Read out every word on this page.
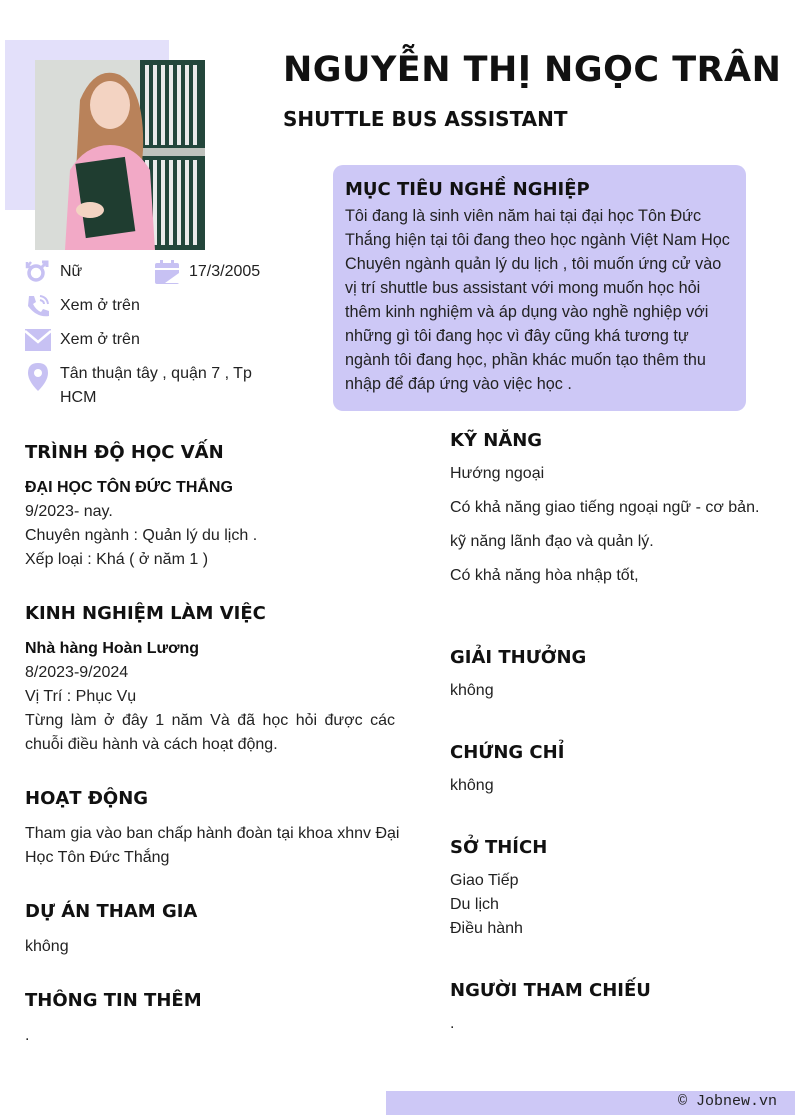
NGUYỄN THỊ NGỌC TRÂN
SHUTTLE BUS ASSISTANT
Nữ	17/3/2005
Xem ở trên
Xem ở trên
Tân thuận tây , quận 7 , Tp HCM
MỤC TIÊU NGHỀ NGHIỆP

Tôi đang là sinh viên năm hai tại đại học Tôn Đức Thắng hiện tại tôi đang theo học ngành Việt Nam Học Chuyên ngành quản lý du lịch , tôi muốn ứng cử vào vị trí shuttle bus assistant với mong muốn học hỏi thêm kinh nghiệm và áp dụng vào nghề nghiệp với những gì tôi đang học vì đây cũng khá tương tự ngành tôi đang học, phần khác muốn tạo thêm thu nhập để đáp ứng vào việc học .

TRÌNH ĐỘ HỌC VẤN
ĐẠI HỌC TÔN ĐỨC THẮNG
9/2023- nay.
Chuyên ngành : Quản lý du lịch .
Xếp loại : Khá ( ở năm 1 )
KINH NGHIỆM LÀM VIỆC
Nhà hàng Hoàn Lương
8/2023-9/2024
Vị Trí : Phục Vụ
Từng làm ở đây 1 năm Và đã học hỏi được các chuỗi điều hành và cách hoạt động.
HOẠT ĐỘNG
Tham gia vào ban chấp hành đoàn tại khoa xhnv Đại Học Tôn Đức Thắng
DỰ ÁN THAM GIA
không
THÔNG TIN THÊM
.
KỸ NĂNG
Hướng ngoại
Có khả năng giao tiếng ngoại ngữ - cơ bản.
kỹ năng lãnh đạo và quản lý.
Có khả năng hòa nhập tốt,
GIẢI THƯỞNG
không
CHỨNG CHỈ
không
SỞ THÍCH
Giao Tiếp
Du lịch
Điều hành
NGƯỜI THAM CHIẾU
.
© Jobnew.vn
